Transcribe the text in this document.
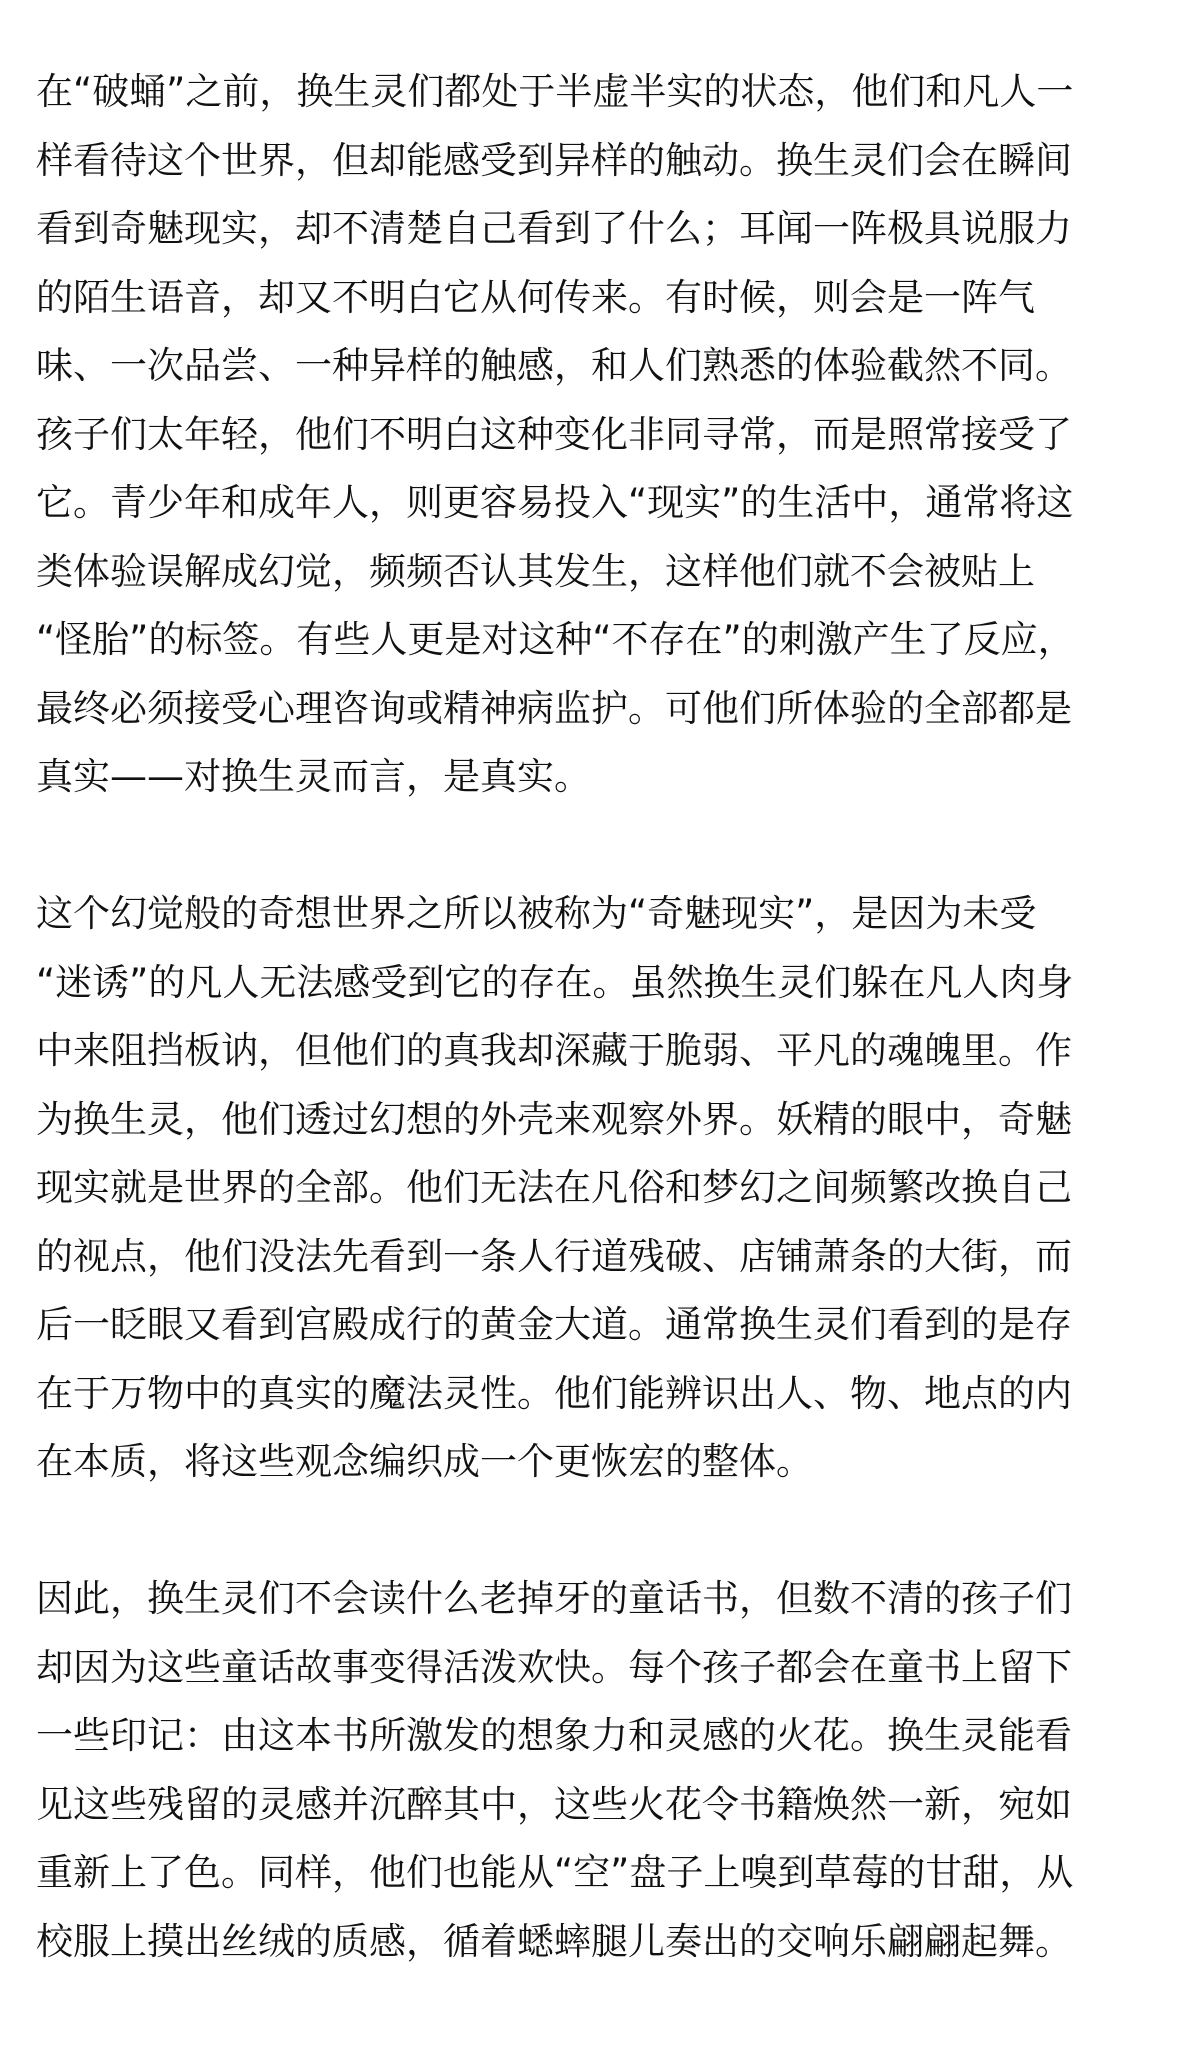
在“破蛹”之前，换生灵们都处于半虚半实的状态，他们和凡人一
样看待这个世界，但却能感受到异样的触动。换生灵们会在瞬间
看到奇魅现实，却不清楚自己看到了什么；耳闻一阵极具说服力
的陌生语音，却又不明白它从何传来。有时候，则会是一阵气
味、一次品尝、一种异样的触感，和人们熟悉的体验截然不同。
孩子们太年轻，他们不明白这种变化非同寻常，而是照常接受了
它。青少年和成年人，则更容易投入“现实”的生活中，通常将这
类体验误解成幻觉，频频否认其发生，这样他们就不会被贴上
“怪胎”的标签。有些人更是对这种“不存在”的刺激产生了反应，
最终必须接受心理咨询或精神病监护。可他们所体验的全部都是
真实——对换生灵而言，是真实。
这个幻觉般的奇想世界之所以被称为“奇魅现实”，是因为未受
“迷诱”的凡人无法感受到它的存在。虽然换生灵们躲在凡人肉身
中来阻挡板讷，但他们的真我却深藏于脆弱、平凡的魂魄里。作
为换生灵，他们透过幻想的外壳来观察外界。妖精的眼中，奇魅
现实就是世界的全部。他们无法在凡俗和梦幻之间频繁改换自己
的视点，他们没法先看到一条人行道残破、店铺萧条的大街，而
后一眨眼又看到宫殿成行的黄金大道。通常换生灵们看到的是存
在于万物中的真实的魔法灵性。他们能辨识出人、物、地点的内
在本质，将这些观念编织成一个更恢宏的整体。
因此，换生灵们不会读什么老掉牙的童话书，但数不清的孩子们
却因为这些童话故事变得活泼欢快。每个孩子都会在童书上留下
一些印记：由这本书所激发的想象力和灵感的火花。换生灵能看
见这些残留的灵感并沉醉其中，这些火花令书籍焕然一新，宛如
重新上了色。同样，他们也能从“空”盘子上嗅到草莓的甘甜，从
校服上摸出丝绒的质感，循着蟋蟀腿儿奏出的交响乐翩翩起舞。
